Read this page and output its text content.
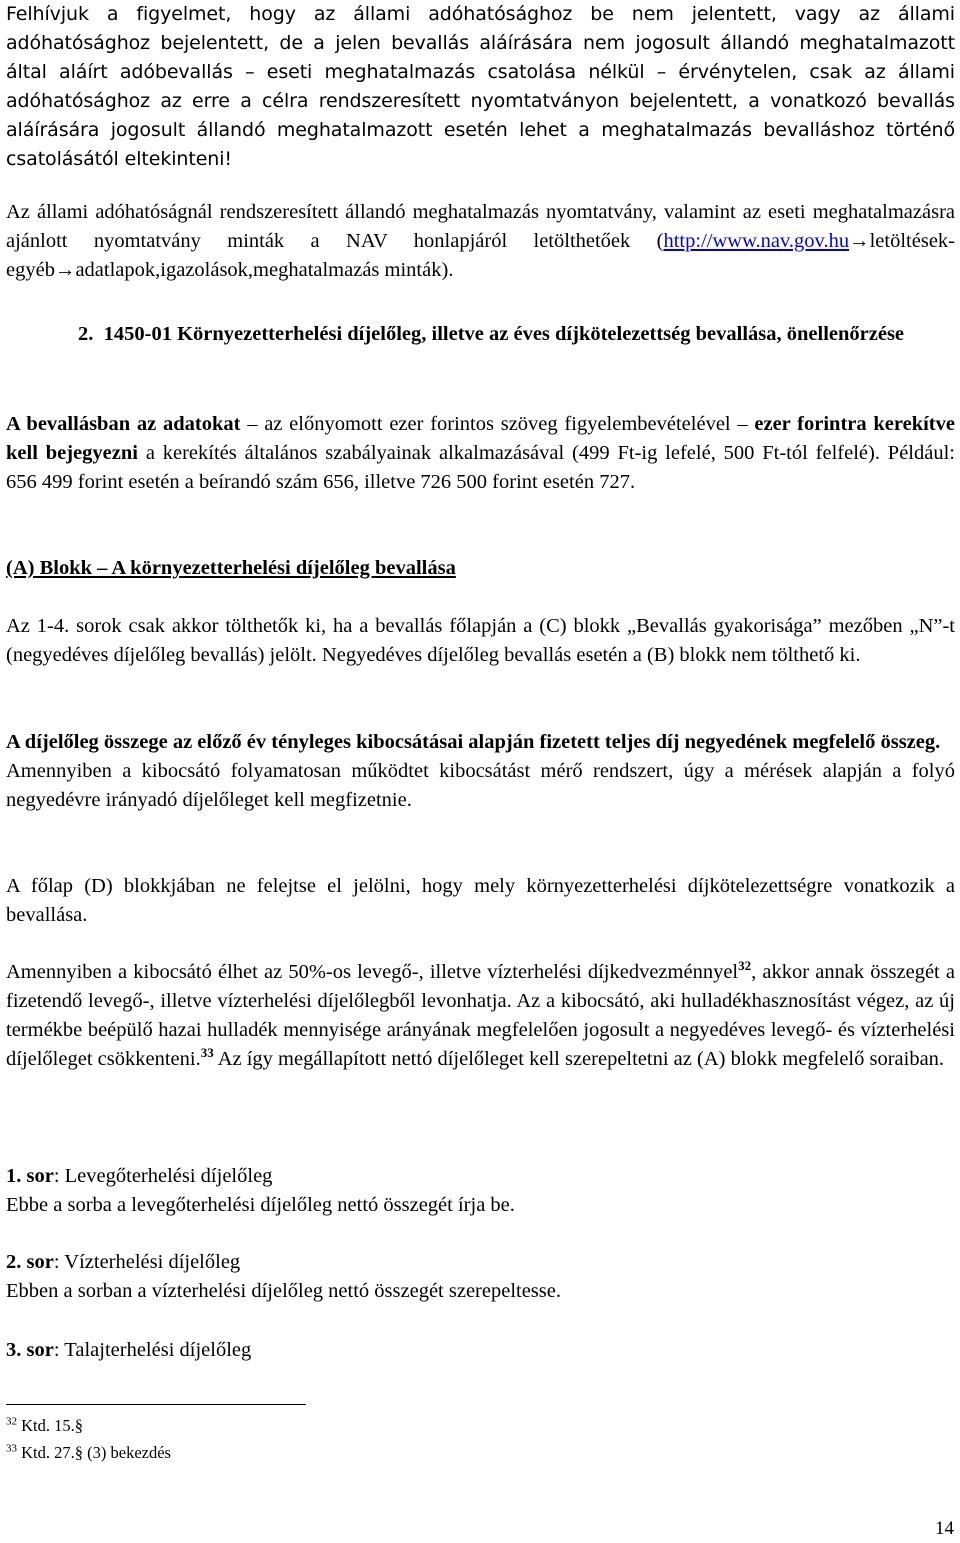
Felhívjuk a figyelmet, hogy az állami adóhatósághoz be nem jelentett, vagy az állami adóhatósághoz bejelentett, de a jelen bevallás aláírására nem jogosult állandó meghatalmazott által aláírt adóbevallás – eseti meghatalmazás csatolása nélkül – érvénytelen, csak az állami adóhatósághoz az erre a célra rendszeresített nyomtatványon bejelentett, a vonatkozó bevallás aláírására jogosult állandó meghatalmazott esetén lehet a meghatalmazás bevalláshoz történő csatolásától eltekinteni!

Az állami adóhatóságnál rendszeresített állandó meghatalmazás nyomtatvány, valamint az eseti meghatalmazásra ajánlott nyomtatvány minták a NAV honlapjáról letölthetőek (http://www.nav.gov.hu→letöltések-egyéb→adatlapok,igazolások,meghatalmazás minták).

2. 1450-01 Környezetterhelési díjelőleg, illetve az éves díjkötelezettség bevallása, önellenőrzése

A bevallásban az adatokat – az előnyomott ezer forintos szöveg figyelembevételével – ezer forintra kerekítve kell bejegyezni a kerekítés általános szabályainak alkalmazásával (499 Ft-ig lefelé, 500 Ft-tól felfelé). Például: 656 499 forint esetén a beírandó szám 656, illetve 726 500 forint esetén 727.

(A) Blokk – A környezetterhelési díjelőleg bevallása

Az 1-4. sorok csak akkor tölthetők ki, ha a bevallás főlapján a (C) blokk „Bevallás gyakorisága” mezőben „N”-t (negyedéves díjelőleg bevallás) jelölt. Negyedéves díjelőleg bevallás esetén a (B) blokk nem tölthető ki.

A díjelőleg összege az előző év tényleges kibocsátásai alapján fizetett teljes díj negyedének megfelelő összeg.
Amennyiben a kibocsátó folyamatosan működtet kibocsátást mérő rendszert, úgy a mérések alapján a folyó negyedévre irányadó díjelőleget kell megfizetnie.

A főlap (D) blokkjában ne felejtse el jelölni, hogy mely környezetterhelési díjkötelezettségre vonatkozik a bevallása.

Amennyiben a kibocsátó élhet az 50%-os levegő-, illetve vízterhelési díjkedvezménnyel$^{32}$, akkor annak összegét a fizetendő levegő-, illetve vízterhelési díjelőlegből levonhatja. Az a kibocsátó, aki hulladékhasznosítást végez, az új termékbe beépülő hazai hulladék mennyisége arányának megfelelően jogosult a negyedéves levegő- és vízterhelési díjelőleget csökkenteni.$^{33}$ Az így megállapított nettó díjelőleget kell szerepeltetni az (A) blokk megfelelő soraiban.

1. sor: Levegőterhelési díjelőleg
Ebbe a sorba a levegőterhelési díjelőleg nettó összegét írja be.
2. sor: Vízterhelési díjelőleg
Ebben a sorban a vízterhelési díjelőleg nettó összegét szerepeltesse.
3. sor: Talajterhelési díjelőleg
$^{32}$ Ktd. 15.§
$^{33}$ Ktd. 27.§ (3) bekezdés
14
